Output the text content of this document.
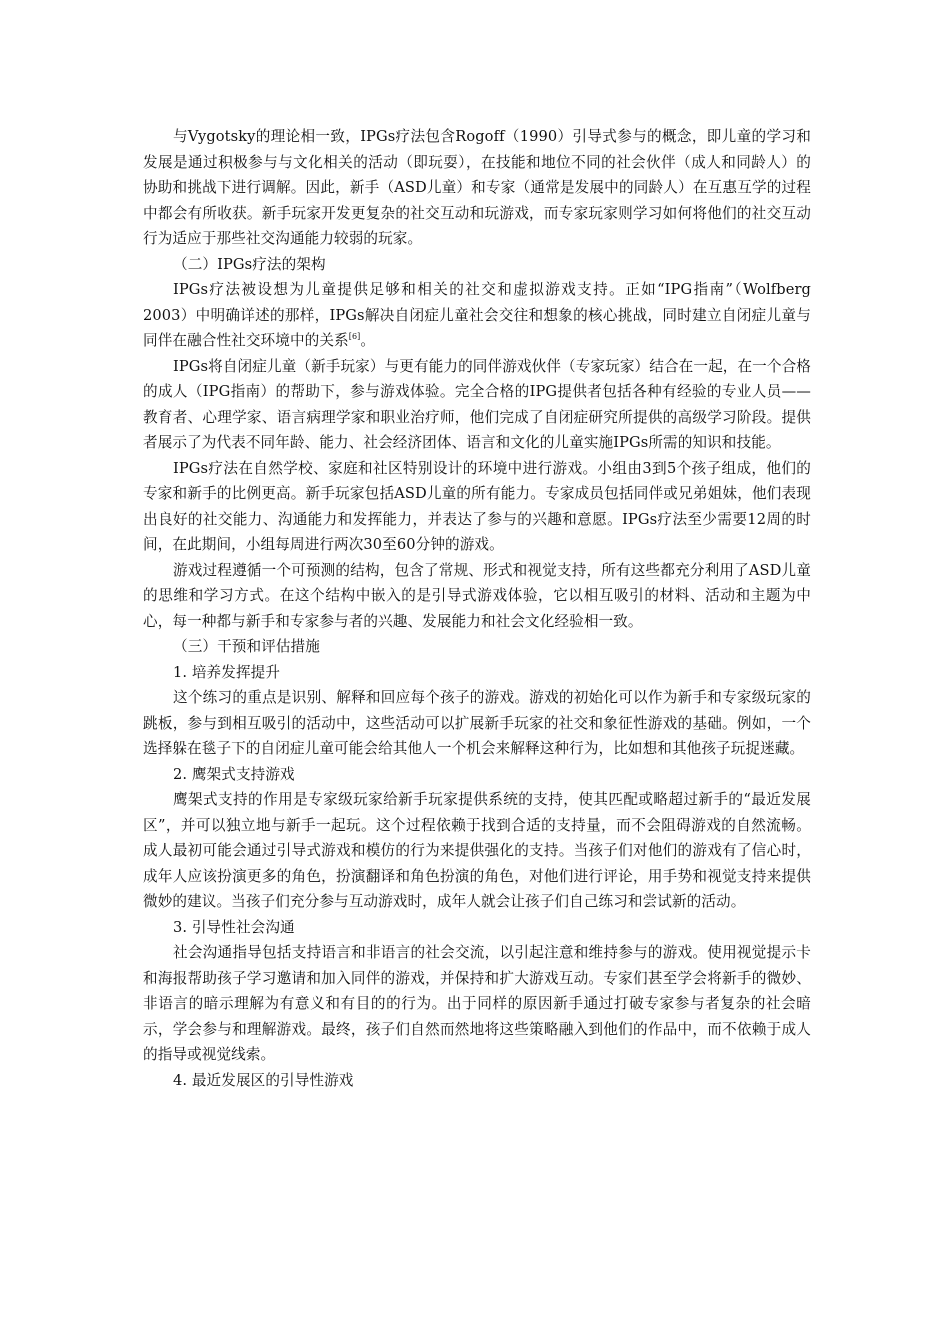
与Vygotsky的理论相一致，IPGs疗法包含Rogoff（1990）引导式参与的概念，即儿童的学习和发展是通过积极参与与文化相关的活动（即玩耍），在技能和地位不同的社会伙伴（成人和同龄人）的协助和挑战下进行调解。因此，新手（ASD儿童）和专家（通常是发展中的同龄人）在互惠互学的过程中都会有所收获。新手玩家开发更复杂的社交互动和玩游戏，而专家玩家则学习如何将他们的社交互动行为适应于那些社交沟通能力较弱的玩家。

（二）IPGs疗法的架构

IPGs疗法被设想为儿童提供足够和相关的社交和虚拟游戏支持。正如“IPG指南”（Wolfberg 2003）中明确详述的那样，IPGs解决自闭症儿童社会交往和想象的核心挑战，同时建立自闭症儿童与同伴在融合性社交环境中的关系[6]。

IPGs将自闭症儿童（新手玩家）与更有能力的同伴游戏伙伴（专家玩家）结合在一起，在一个合格的成人（IPG指南）的帮助下，参与游戏体验。完全合格的IPG提供者包括各种有经验的专业人员——教育者、心理学家、语言病理学家和职业治疗师，他们完成了自闭症研究所提供的高级学习阶段。提供者展示了为代表不同年龄、能力、社会经济团体、语言和文化的儿童实施IPGs所需的知识和技能。

IPGs疗法在自然学校、家庭和社区特别设计的环境中进行游戏。小组由3到5个孩子组成，他们的专家和新手的比例更高。新手玩家包括ASD儿童的所有能力。专家成员包括同伴或兄弟姐妹，他们表现出良好的社交能力、沟通能力和发挥能力，并表达了参与的兴趣和意愿。IPGs疗法至少需要12周的时间，在此期间，小组每周进行两次30至60分钟的游戏。

游戏过程遵循一个可预测的结构，包含了常规、形式和视觉支持，所有这些都充分利用了ASD儿童的思维和学习方式。在这个结构中嵌入的是引导式游戏体验，它以相互吸引的材料、活动和主题为中心，每一种都与新手和专家参与者的兴趣、发展能力和社会文化经验相一致。

（三）干预和评估措施

1. 培养发挥提升

这个练习的重点是识别、解释和回应每个孩子的游戏。游戏的初始化可以作为新手和专家级玩家的跳板，参与到相互吸引的活动中，这些活动可以扩展新手玩家的社交和象征性游戏的基础。例如，一个选择躲在毯子下的自闭症儿童可能会给其他人一个机会来解释这种行为，比如想和其他孩子玩捉迷藏。

2. 鹰架式支持游戏

鹰架式支持的作用是专家级玩家给新手玩家提供系统的支持，使其匹配或略超过新手的“最近发展区”，并可以独立地与新手一起玩。这个过程依赖于找到合适的支持量，而不会阻碍游戏的自然流畅。成人最初可能会通过引导式游戏和模仿的行为来提供强化的支持。当孩子们对他们的游戏有了信心时，成年人应该扮演更多的角色，扮演翻译和角色扮演的角色，对他们进行评论，用手势和视觉支持来提供微妙的建议。当孩子们充分参与互动游戏时，成年人就会让孩子们自己练习和尝试新的活动。

3. 引导性社会沟通

社会沟通指导包括支持语言和非语言的社会交流，以引起注意和维持参与的游戏。使用视觉提示卡和海报帮助孩子学习邀请和加入同伴的游戏，并保持和扩大游戏互动。专家们甚至学会将新手的微妙、非语言的暗示理解为有意义和有目的的行为。出于同样的原因新手通过打破专家参与者复杂的社会暗示，学会参与和理解游戏。最终，孩子们自然而然地将这些策略融入到他们的作品中，而不依赖于成人的指导或视觉线索。

4. 最近发展区的引导性游戏
